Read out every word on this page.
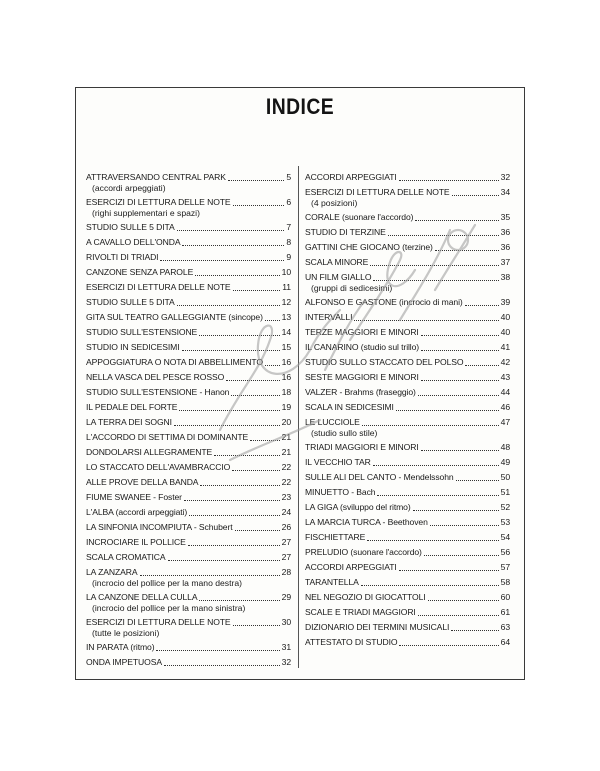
INDICE
ATTRAVERSANDO CENTRAL PARK	5
(accordi arpeggiati)
ESERCIZI DI LETTURA DELLE NOTE	6
(righi supplementari e spazi)
STUDIO SULLE 5 DITA	7
A CAVALLO DELL'ONDA	8
RIVOLTI DI TRIADI	9
CANZONE SENZA PAROLE	10
ESERCIZI DI LETTURA DELLE NOTE	11
STUDIO SULLE 5 DITA	12
GITA SUL TEATRO GALLEGGIANTE (sincope) 13
STUDIO SULL'ESTENSIONE	14
STUDIO IN SEDICESIMI	15
APPOGGIATURA O NOTA DI ABBELLIMENTO 16
NELLA VASCA DEL PESCE ROSSO	16
STUDIO SULL'ESTENSIONE - Hanon	18
IL PEDALE DEL FORTE	19
LA TERRA DEI SOGNI	20
L'ACCORDO DI SETTIMA DI DOMINANTE	21
DONDOLARSI ALLEGRAMENTE	21
LO STACCATO DELL'AVAMBRACCIO	22
ALLE PROVE DELLA BANDA	22
FIUME SWANEE - Foster	23
L'ALBA (accordi arpeggiati)	24
LA SINFONIA INCOMPIUTA - Schubert	26
INCROCIARE IL POLLICE	27
SCALA CROMATICA	27
LA ZANZARA	28
(incrocio del pollice per la mano destra)
LA CANZONE DELLA CULLA	29
(incrocio del pollice per la mano sinistra)
ESERCIZI DI LETTURA DELLE NOTE	30
(tutte le posizioni)
IN PARATA (ritmo)	31
ONDA IMPETUOSA	32
ACCORDI ARPEGGIATI	32
ESERCIZI DI LETTURA DELLE NOTE	34
(4 posizioni)
CORALE (suonare l'accordo)	35
STUDIO DI TERZINE	36
GATTINI CHE GIOCANO (terzine)	36
SCALA MINORE	37
UN FILM GIALLO	38
(gruppi di sedicesimi)
ALFONSO E GASTONE (incrocio di mani)	39
INTERVALLI	40
TERZE MAGGIORI E MINORI	40
IL CANARINO (studio sul trillo)	41
STUDIO SULLO STACCATO DEL POLSO	42
SESTE MAGGIORI E MINORI	43
VALZER - Brahms (fraseggio)	44
SCALA IN SEDICESIMI	46
LE LUCCIOLE	47
(studio sullo stile)
TRIADI MAGGIORI E MINORI	48
IL VECCHIO TAR	49
SULLE ALI DEL CANTO - Mendelssohn	50
MINUETTO - Bach	51
LA GIGA (sviluppo del ritmo)	52
LA MARCIA TURCA - Beethoven	53
FISCHIETTARE	54
PRELUDIO (suonare l'accordo)	56
ACCORDI ARPEGGIATI	57
TARANTELLA	58
NEL NEGOZIO DI GIOCATTOLI	60
SCALE E TRIADI MAGGIORI	61
DIZIONARIO DEI TERMINI MUSICALI	63
ATTESTATO DI STUDIO	64
